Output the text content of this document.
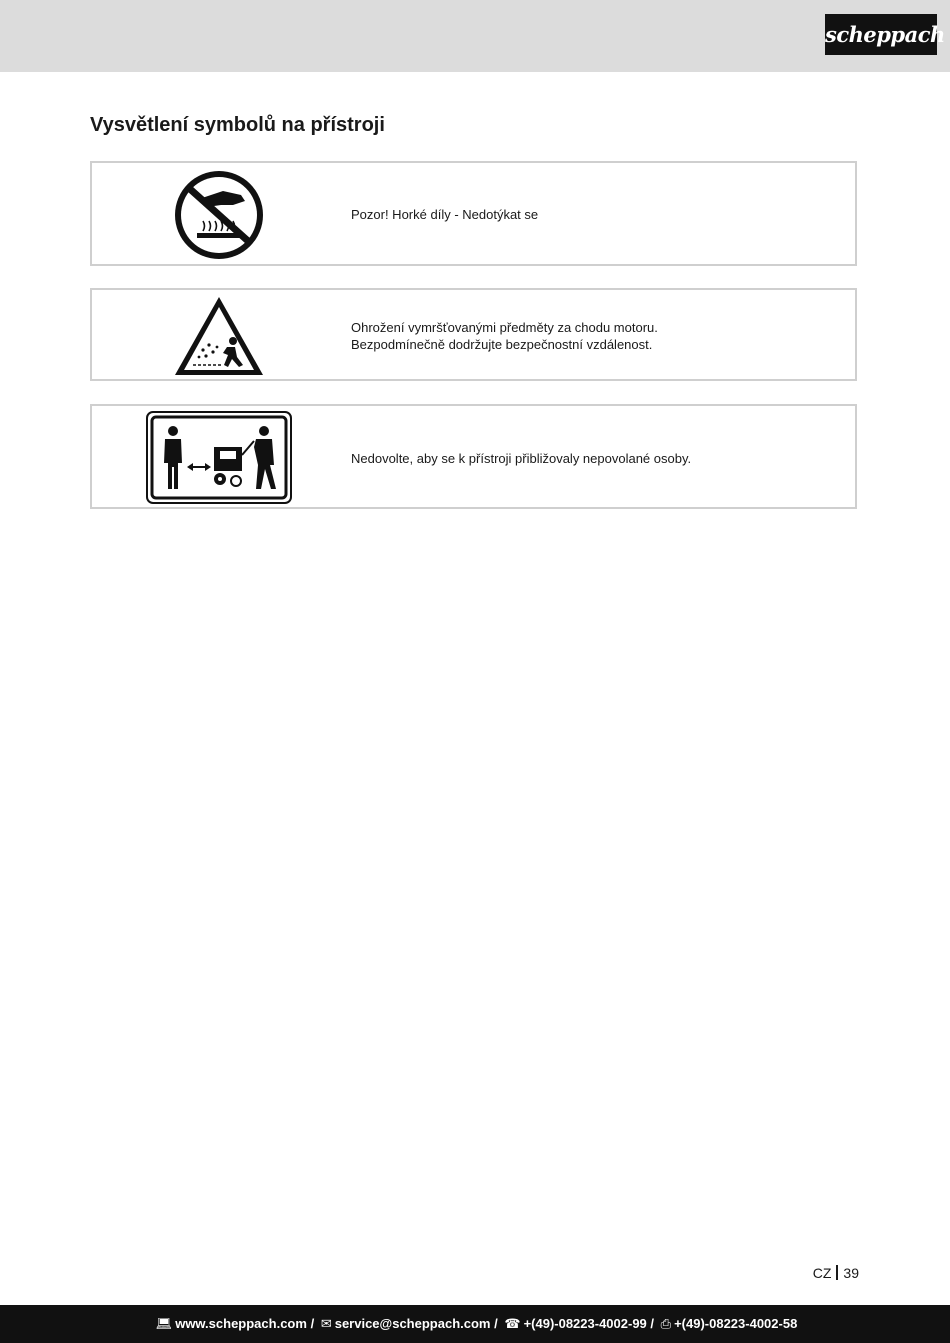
scheppach
Vysvětlení symbolů na přístroji

Pozor! Horké díly - Nedotýkat se

Ohrožení vymršťovanými předměty za chodu motoru.
Bezpodmínečně dodržujte bezpečnostní vzdálenost.

Nedovolte, aby se k přístroji přibližovaly nepovolané osoby.

CZ 39
💻︎ www.scheppach.com / ✉ service@scheppach.com / ☎ +(49)-08223-4002-99 / ⎙ +(49)-08223-4002-58
